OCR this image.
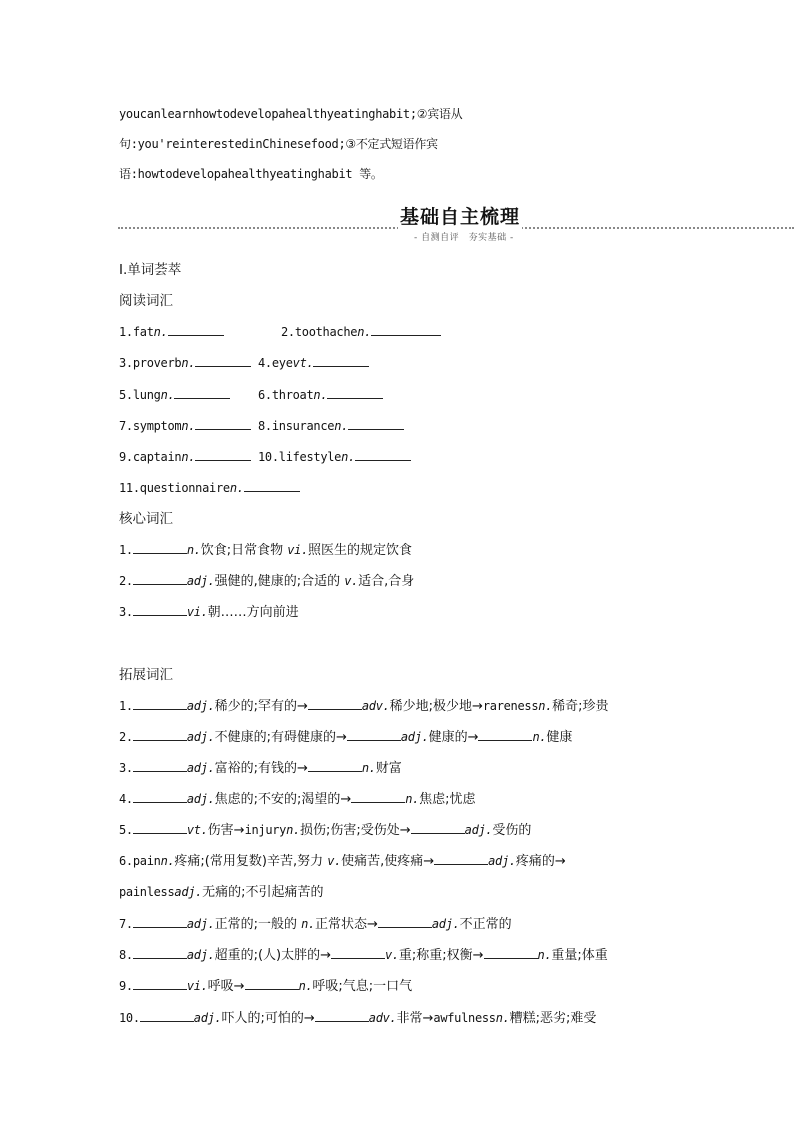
youcanlearnhowtodevelopahealthyeatinghabit;②宾语从
句:you'reinterestedinChinesefood;③不定式短语作宾
语:howtodevelopahealthyeatinghabit 等。
基础自主梳理
- 自测自评　夯实基础 -
Ⅰ.单词荟萃
阅读词汇
1.fatn.	2.toothachen.
3.proverbn.	4.eyevt.
5.lungn.	6.throatn.
7.symptomn.	8.insurancen.
9.captainn.	10.lifestylen.
11.questionnairen.
核心词汇
1.	n.饮食;日常食物 vi.照医生的规定饮食
2.	adj.强健的,健康的;合适的 v.适合,合身
3.	vi.朝……方向前进
拓展词汇
1.	adj.稀少的;罕有的→	adv.稀少地;极少地→rarenessn.稀奇;珍贵
2.	adj.不健康的;有碍健康的→	adj.健康的→	n.健康
3.	adj.富裕的;有钱的→	n.财富
4.	adj.焦虑的;不安的;渴望的→	n.焦虑;忧虑
5.	vt.伤害→injuryn.损伤;伤害;受伤处→	adj.受伤的
6.painn.疼痛;(常用复数)辛苦,努力 v.使痛苦,使疼痛→	adj.疼痛的→
painlessadj.无痛的;不引起痛苦的
7.	adj.正常的;一般的 n.正常状态→	adj.不正常的
8.	adj.超重的;(人)太胖的→	v.重;称重;权衡→	n.重量;体重
9.	vi.呼吸→	n.呼吸;气息;一口气
10.	adj.吓人的;可怕的→	adv.非常→awfulnessn.糟糕;恶劣;难受
